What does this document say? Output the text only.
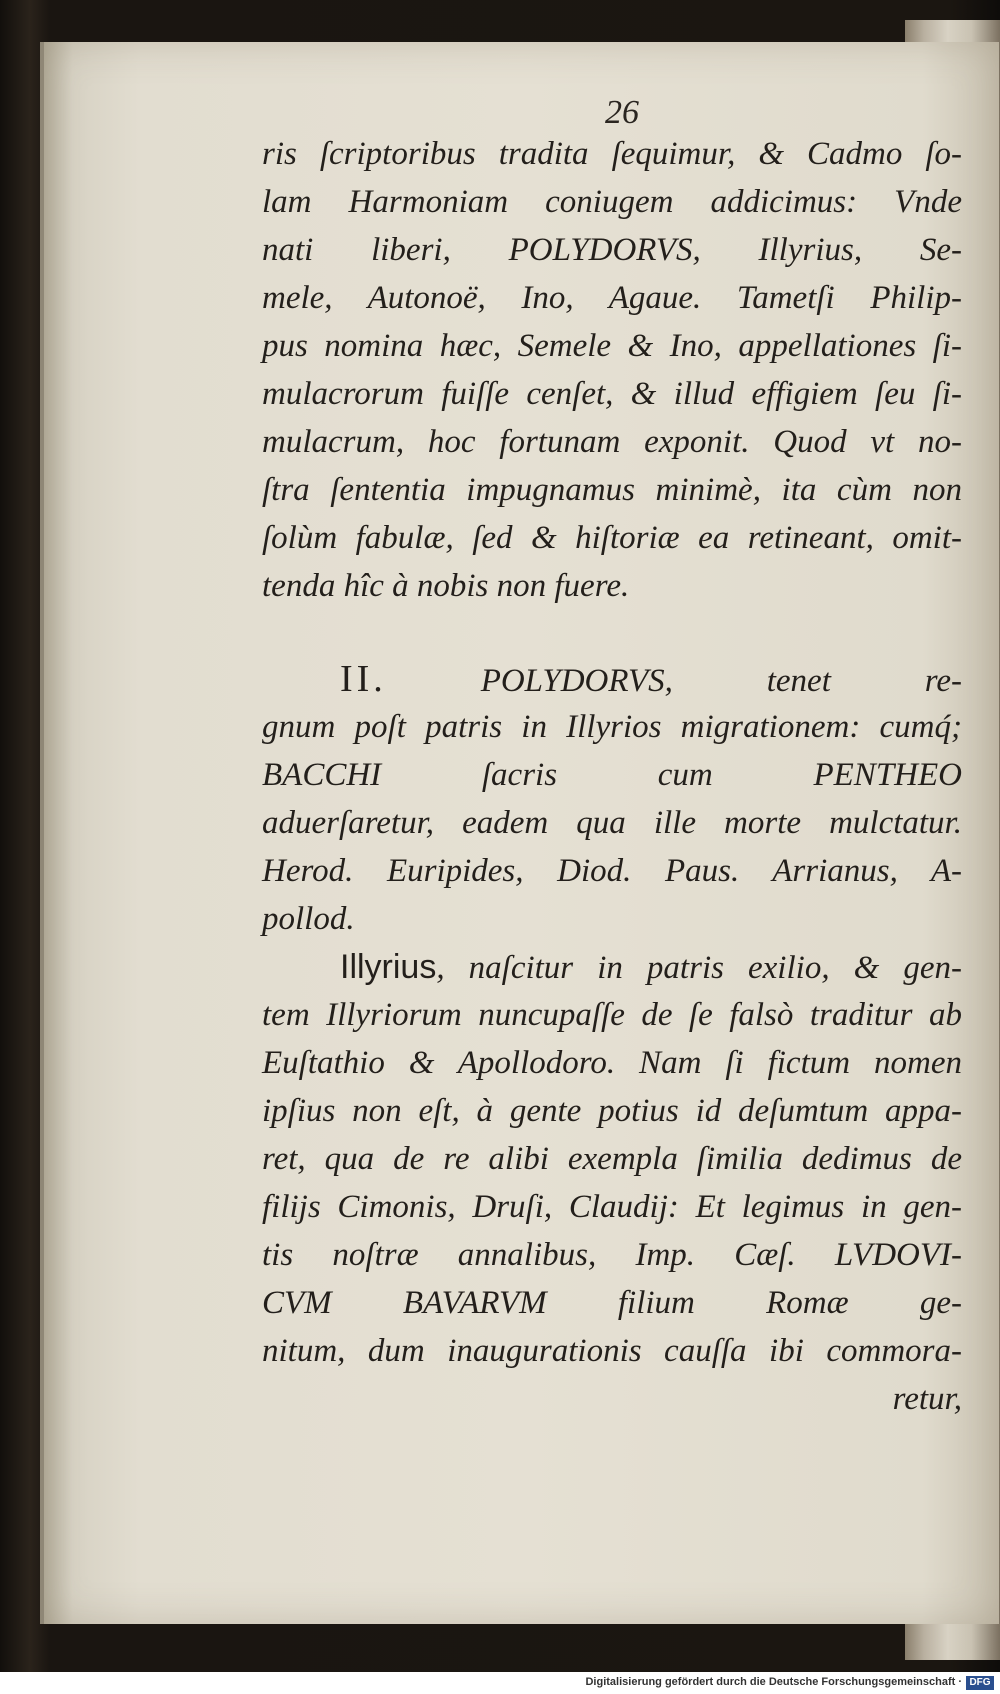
26
ris ſcriptoribus tradita ſequimur, & Cadmo ſo-
lam Harmoniam coniugem addicimus: Vnde
nati liberi, POLYDORVS, Illyrius, Se-
mele, Autonoë, Ino, Agaue. Tametſi Philip-
pus nomina hæc, Semele & Ino, appellationes ſi-
mulacrorum fuiſſe cenſet, & illud effigiem ſeu ſi-
mulacrum, hoc fortunam exponit. Quod vt no-
ſtra ſententia impugnamus minimè, ita cùm non
ſolùm fabulæ, ſed & hiſtoriæ ea retineant, omit-
tenda hîc à nobis non fuere.
II.	POLYDORVS, tenet re-
gnum poſt patris in Illyrios migrationem: cumq́;
BACCHI ſacris cum PENTHEO
aduerſaretur, eadem qua ille morte mulctatur.
Herod. Euripides, Diod. Paus. Arrianus, A-
pollod.
Illyrius, naſcitur in patris exilio, & gen-
tem Illyriorum nuncupaſſe de ſe falsò traditur ab
Euſtathio & Apollodoro. Nam ſi fictum nomen
ipſius non eſt, à gente potius id deſumtum appa-
ret, qua de re alibi exempla ſimilia dedimus de
filijs Cimonis, Druſi, Claudij: Et legimus in gen-
tis noſtræ annalibus, Imp. Cæſ. LVDOVI-
CVM BAVARVM filium Romæ ge-
nitum, dum inaugurationis cauſſa ibi commora-
retur,
Digitalisierung gefördert durch die Deutsche Forschungsgemeinschaft · DFG
